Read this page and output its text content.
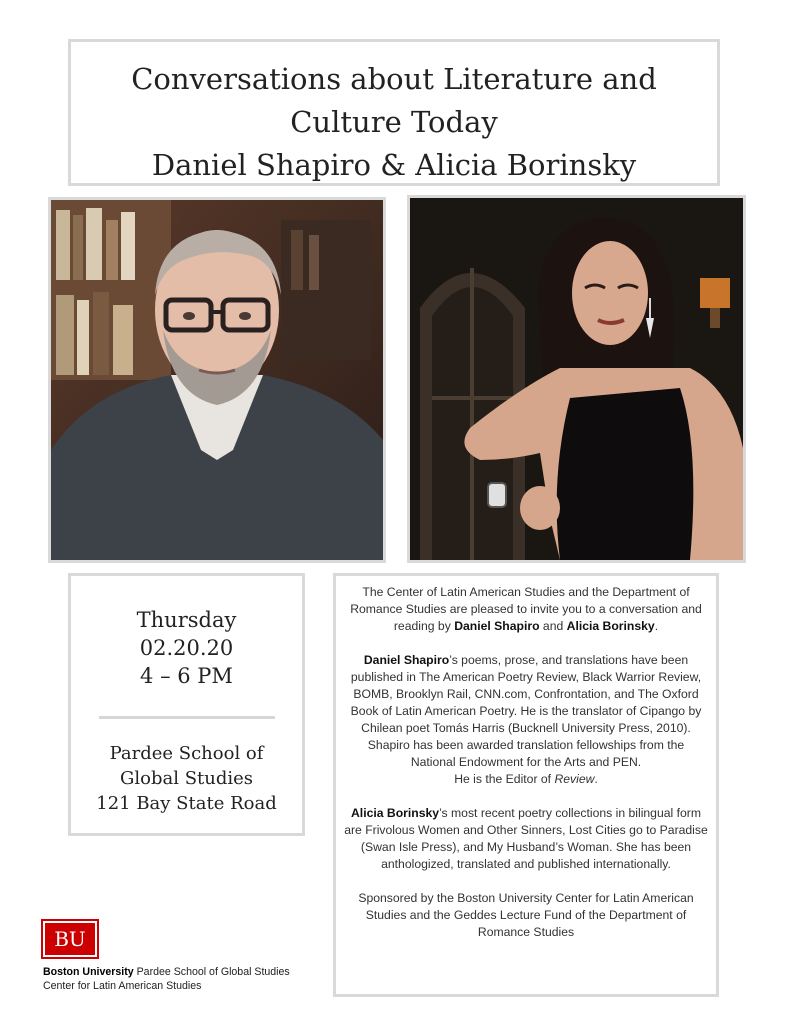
Conversations about Literature and
Culture Today
Daniel Shapiro & Alicia Borinsky
Thursday
02.20.20
4 – 6 PM
Pardee School of
Global Studies
121 Bay State Road

The Center of Latin American Studies and the Department of Romance Studies are pleased to invite you to a conversation and reading by Daniel Shapiro and Alicia Borinsky.

Daniel Shapiro’s poems, prose, and translations have been published in The American Poetry Review, Black Warrior Review, BOMB, Brooklyn Rail, CNN.com, Confrontation, and The Oxford Book of Latin American Poetry. He is the translator of Cipango by Chilean poet Tomás Harris (Bucknell University Press, 2010). Shapiro has been awarded translation fellowships from the National Endowment for the Arts and PEN.
He is the Editor of Review.

Alicia Borinsky’s most recent poetry collections in bilingual form are Frivolous Women and Other Sinners, Lost Cities go to Paradise (Swan Isle Press), and My Husband’s Woman. She has been anthologized, translated and published internationally.

Sponsored by the Boston University Center for Latin American Studies and the Geddes Lecture Fund of the Department of Romance Studies

BU
Boston University Pardee School of Global Studies
Center for Latin American Studies
